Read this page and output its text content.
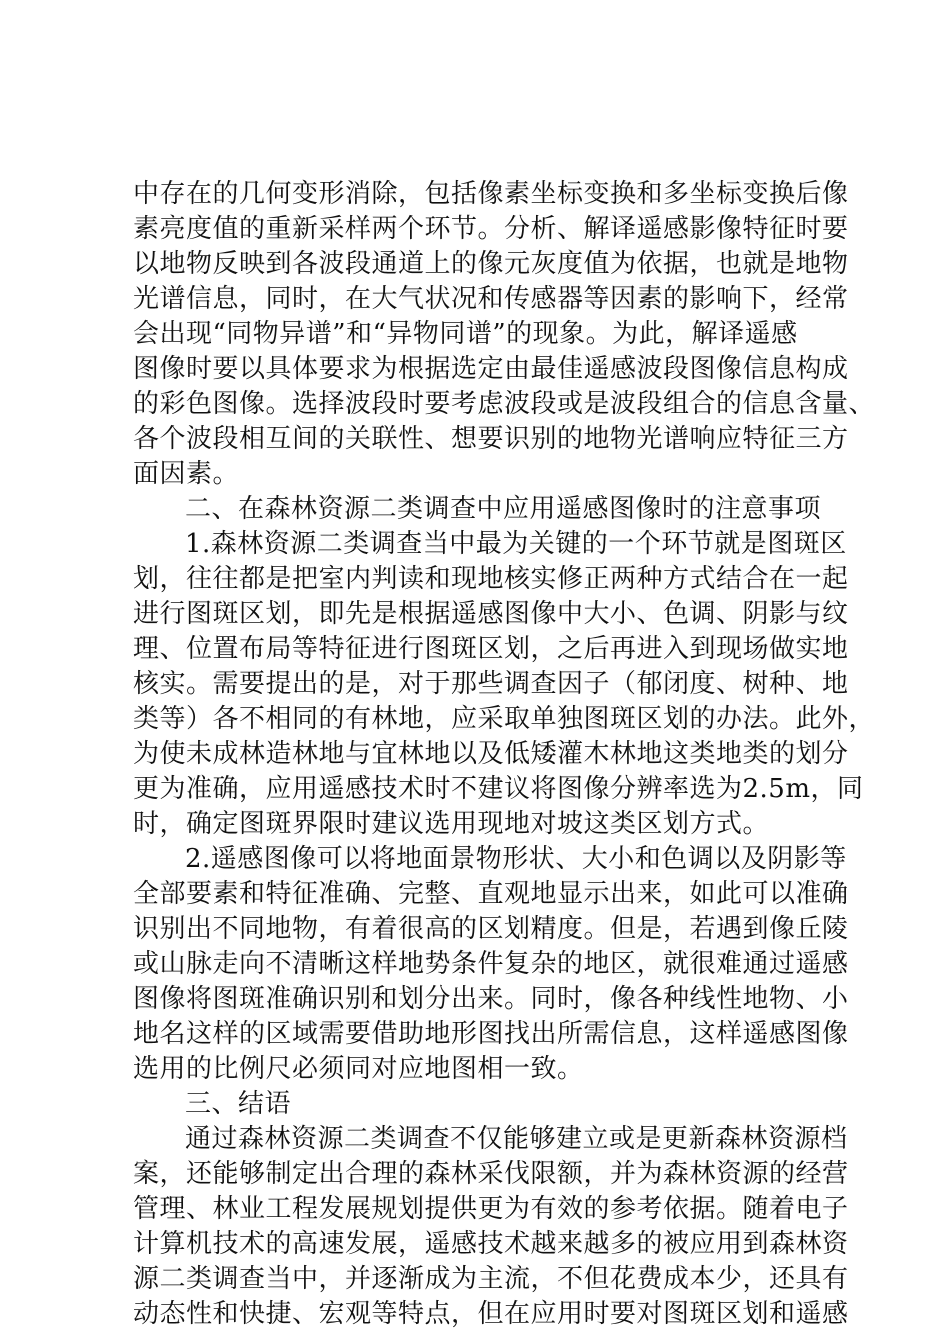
中存在的几何变形消除，包括像素坐标变换和多坐标变换后像
素亮度值的重新采样两个环节。分析、解译遥感影像特征时要
以地物反映到各波段通道上的像元灰度值为依据，也就是地物
光谱信息，同时，在大气状况和传感器等因素的影响下，经常
会出现“同物异谱”和“异物同谱”的现象。为此，解译遥感
图像时要以具体要求为根据选定由最佳遥感波段图像信息构成
的彩色图像。选择波段时要考虑波段或是波段组合的信息含量、
各个波段相互间的关联性、想要识别的地物光谱响应特征三方
面因素。
二、在森林资源二类调查中应用遥感图像时的注意事项
1.森林资源二类调查当中最为关键的一个环节就是图斑区
划，往往都是把室内判读和现地核实修正两种方式结合在一起
进行图斑区划，即先是根据遥感图像中大小、色调、阴影与纹
理、位置布局等特征进行图斑区划，之后再进入到现场做实地
核实。需要提出的是，对于那些调查因子（郁闭度、树种、地
类等）各不相同的有林地，应采取单独图斑区划的办法。此外，
为使未成林造林地与宜林地以及低矮灌木林地这类地类的划分
更为准确，应用遥感技术时不建议将图像分辨率选为2.5m，同
时，确定图斑界限时建议选用现地对坡这类区划方式。
2.遥感图像可以将地面景物形状、大小和色调以及阴影等
全部要素和特征准确、完整、直观地显示出来，如此可以准确
识别出不同地物，有着很高的区划精度。但是，若遇到像丘陵
或山脉走向不清晰这样地势条件复杂的地区，就很难通过遥感
图像将图斑准确识别和划分出来。同时，像各种线性地物、小
地名这样的区域需要借助地形图找出所需信息，这样遥感图像
选用的比例尺必须同对应地图相一致。
三、结语
通过森林资源二类调查不仅能够建立或是更新森林资源档
案，还能够制定出合理的森林采伐限额，并为森林资源的经营
管理、林业工程发展规划提供更为有效的参考依据。随着电子
计算机技术的高速发展，遥感技术越来越多的被应用到森林资
源二类调查当中，并逐渐成为主流，不但花费成本少，还具有
动态性和快捷、宏观等特点，但在应用时要对图斑区划和遥感
